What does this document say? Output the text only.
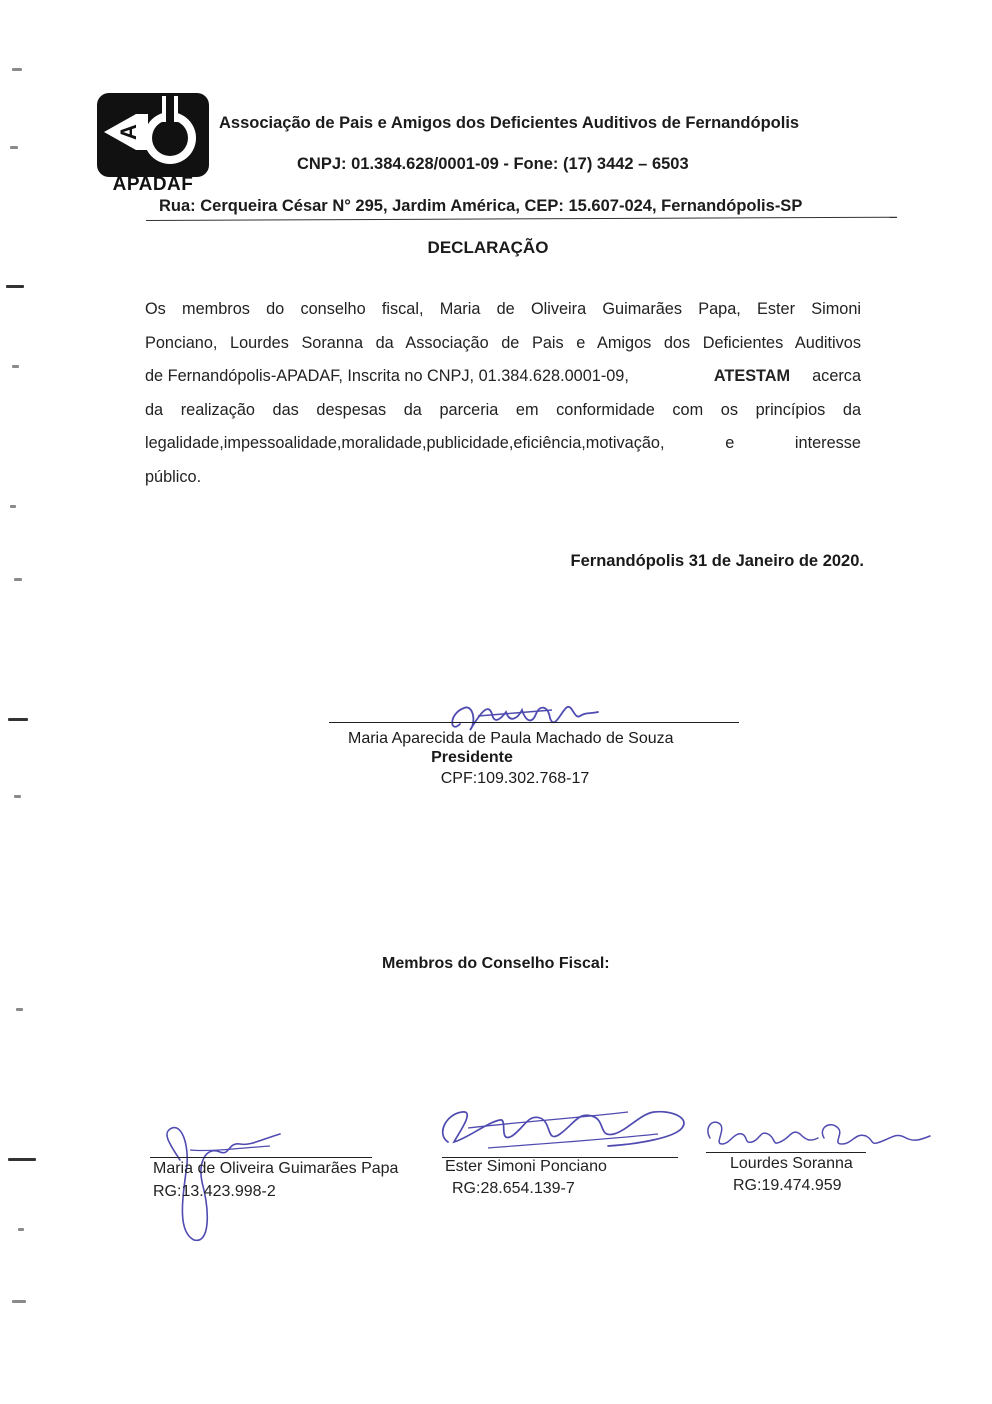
A
APADAF
Associação de Pais e Amigos dos Deficientes Auditivos de Fernandópolis
CNPJ: 01.384.628/0001-09 - Fone: (17) 3442 – 6503
Rua: Cerqueira César N° 295, Jardim América, CEP: 15.607-024, Fernandópolis-SP
DECLARAÇÃO
Os membros do conselho fiscal, Maria de Oliveira Guimarães Papa, Ester Simoni
Ponciano, Lourdes Soranna da Associação de Pais e Amigos dos Deficientes Auditivos
de Fernandópolis-APADAF, Inscrita no CNPJ, 01.384.628.0001-09,	ATESTAM acerca
da realização das despesas da parceria em conformidade com os princípios da
legalidade,impessoalidade,moralidade,publicidade,eficiência,motivação, e interesse
público.
Fernandópolis 31 de Janeiro de 2020.
Maria Aparecida de Paula Machado de Souza
Presidente
CPF:109.302.768-17
Membros do Conselho Fiscal:
Maria de Oliveira Guimarães Papa
RG:13.423.998-2
Ester Simoni Ponciano
RG:28.654.139-7
Lourdes Soranna
RG:19.474.959
